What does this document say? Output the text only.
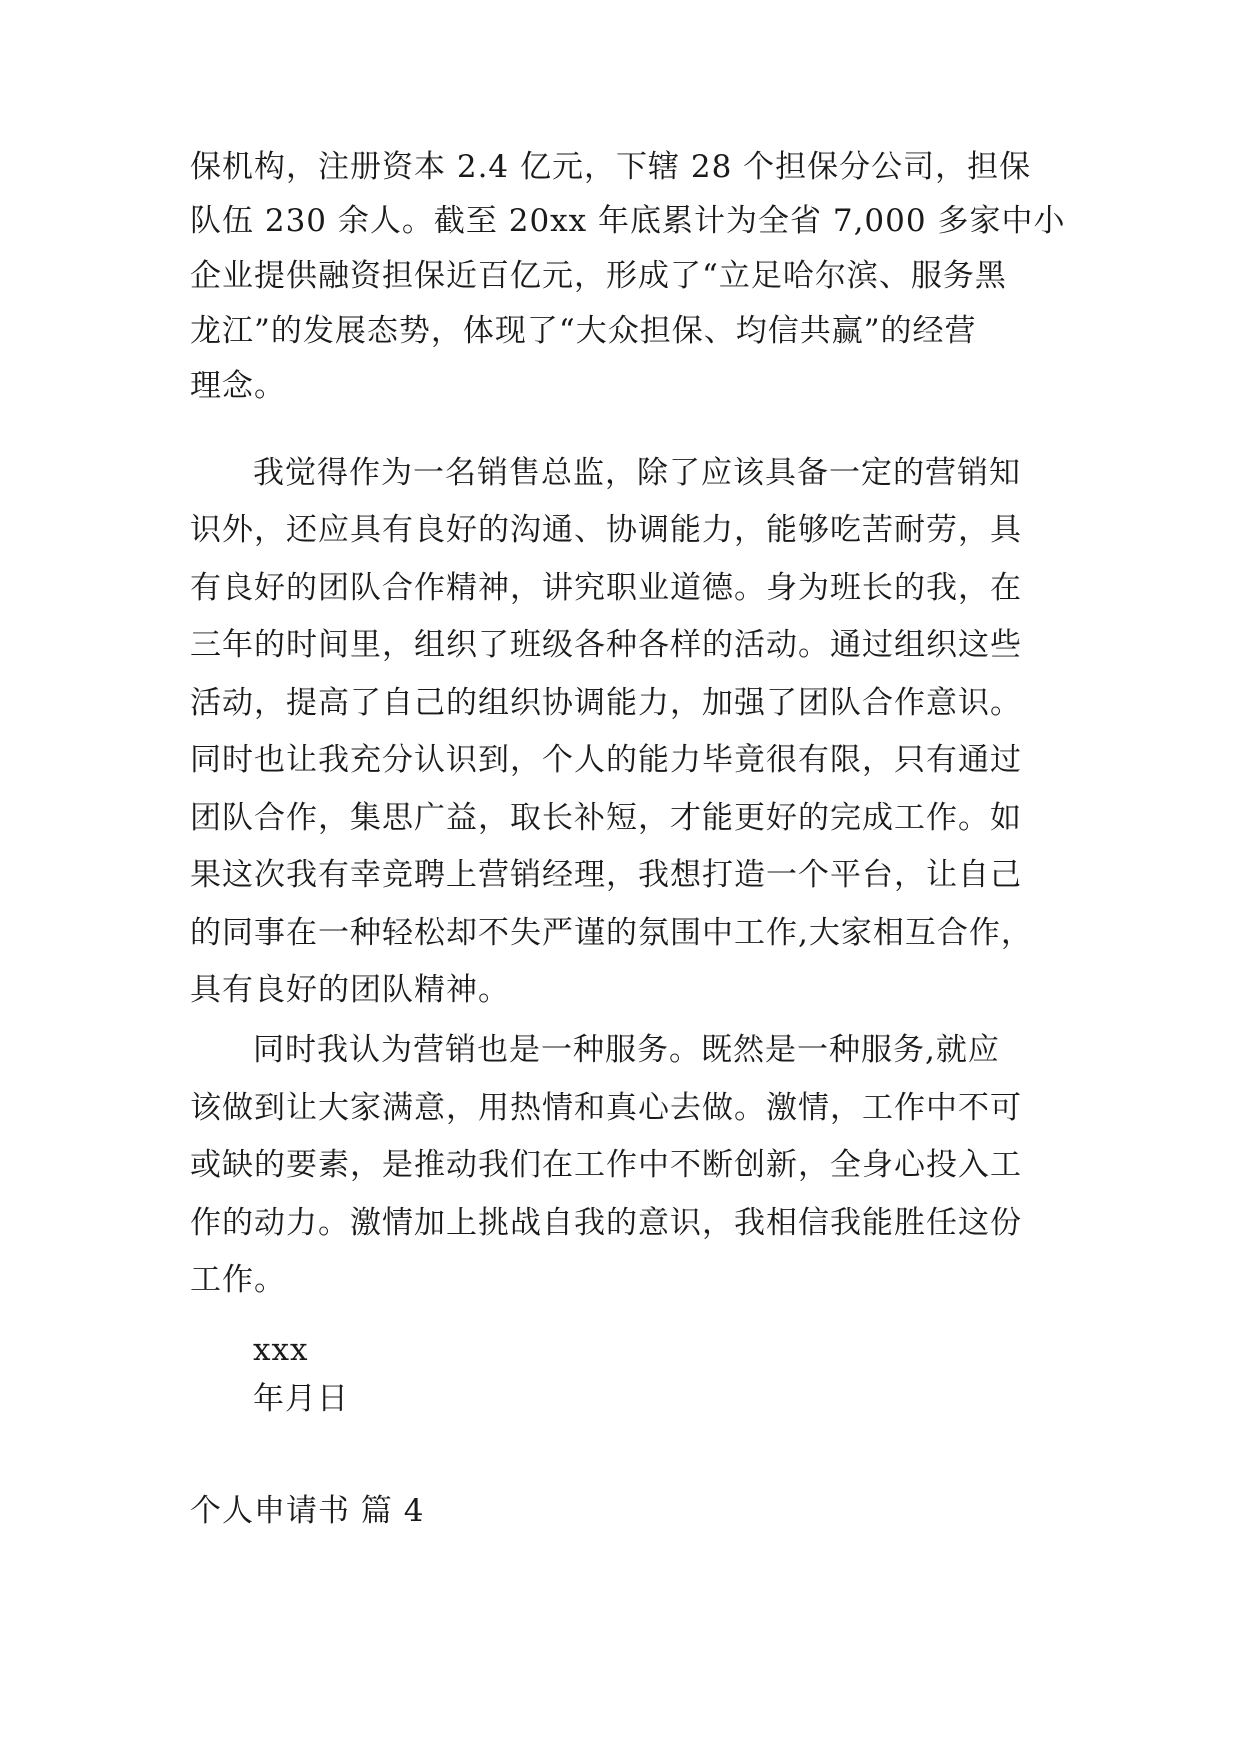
保机构，注册资本 2.4 亿元，下辖 28 个担保分公司，担保
队伍 230 余人。截至 20xx 年底累计为全省 7,000 多家中小
企业提供融资担保近百亿元，形成了“立足哈尔滨、服务黑
龙江”的发展态势，体现了“大众担保、均信共赢”的经营
理念。
我觉得作为一名销售总监，除了应该具备一定的营销知
识外，还应具有良好的沟通、协调能力，能够吃苦耐劳，具
有良好的团队合作精神，讲究职业道德。身为班长的我，在
三年的时间里，组织了班级各种各样的活动。通过组织这些
活动，提高了自己的组织协调能力，加强了团队合作意识。
同时也让我充分认识到，个人的能力毕竟很有限，只有通过
团队合作，集思广益，取长补短，才能更好的完成工作。如
果这次我有幸竞聘上营销经理，我想打造一个平台，让自己
的同事在一种轻松却不失严谨的氛围中工作,大家相互合作，
具有良好的团队精神。
同时我认为营销也是一种服务。既然是一种服务,就应
该做到让大家满意，用热情和真心去做。激情，工作中不可
或缺的要素，是推动我们在工作中不断创新，全身心投入工
作的动力。激情加上挑战自我的意识，我相信我能胜任这份
工作。
xxx
年月日
个人申请书 篇 4
